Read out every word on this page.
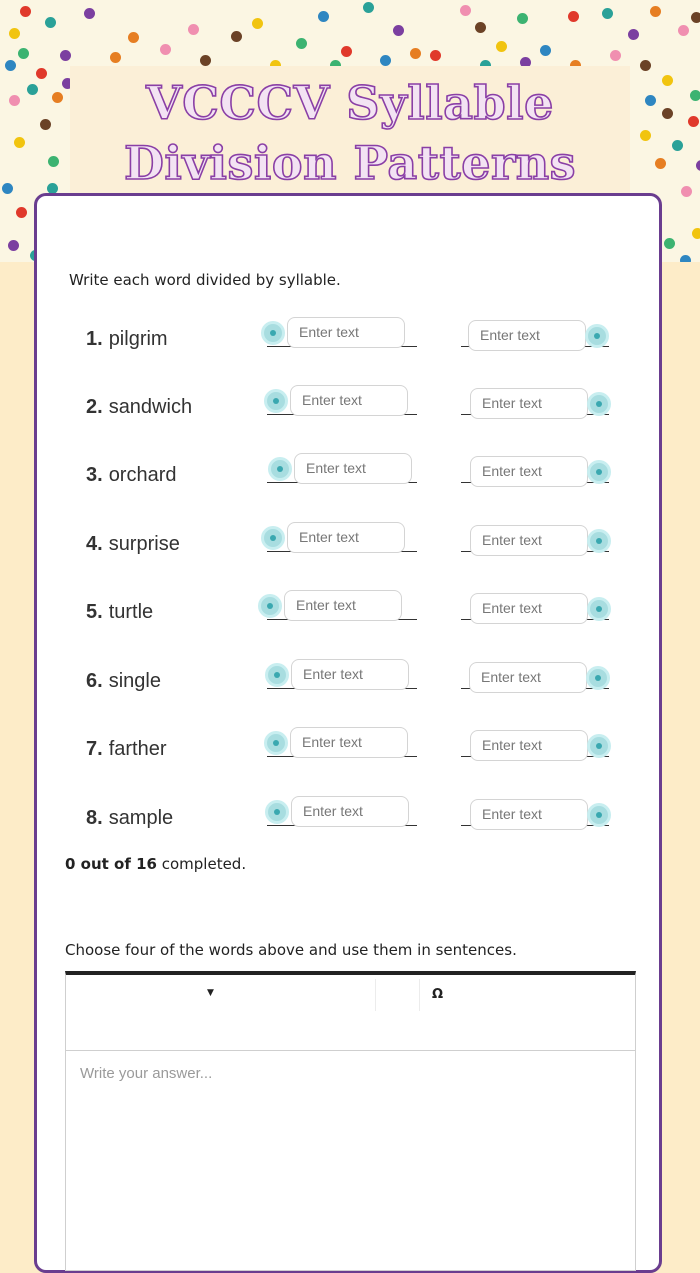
VCCCV Syllable
Division Patterns
Write each word divided by syllable.
1. pilgrim	Enter text	Enter text
2. sandwich	Enter text	Enter text
3. orchard	Enter text	Enter text
4. surprise	Enter text	Enter text
5. turtle	Enter text	Enter text
6. single	Enter text	Enter text
7. farther	Enter text	Enter text
8. sample	Enter text	Enter text
0 out of 16 completed.
Choose four of the words above and use them in sentences.
▼	Ω
Write your answer...
